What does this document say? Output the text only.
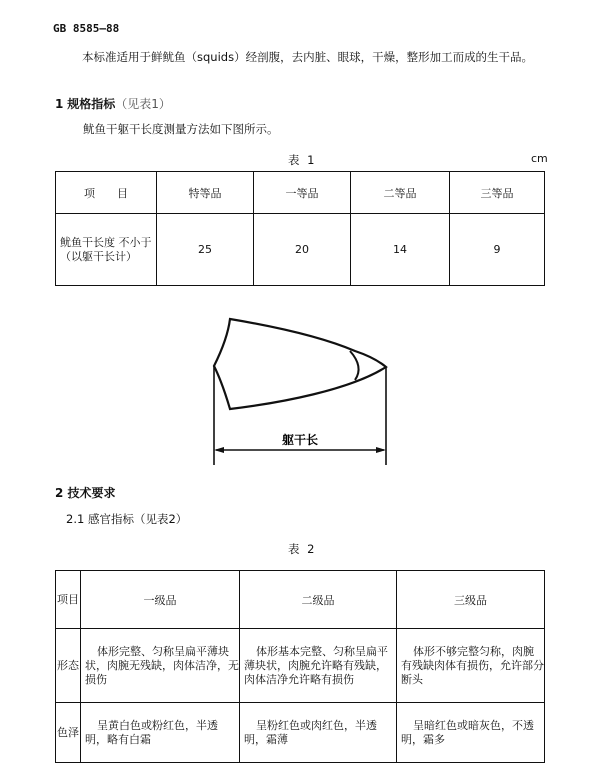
GB 8585—88
本标准适用于鲜鱿鱼（squids）经剖腹，去内脏、眼球，干燥，整形加工而成的生干品。
1 规格指标（见表1）
鱿鱼干躯干长度测量方法如下图所示。
表 1	cm
项　　目	特等品	一等品	二等品	三等品
鱿鱼干长度 不小于（以躯干长计）	25	20	14	9
躯干长
2 技术要求
2.1 感官指标（见表2）
表 2
项目	一级品	二级品	三级品
形态	体形完整、匀称呈扁平薄块状，肉腕无残缺，肉体洁净，无损伤	体形基本完整、匀称呈扁平薄块状，肉腕允许略有残缺，肉体洁净允许略有损伤	体形不够完整匀称，肉腕有残缺肉体有损伤，允许部分断头
色泽	呈黄白色或粉红色，半透明，略有白霜	呈粉红色或肉红色，半透明，霜薄	呈暗红色或暗灰色，不透明，霜多
